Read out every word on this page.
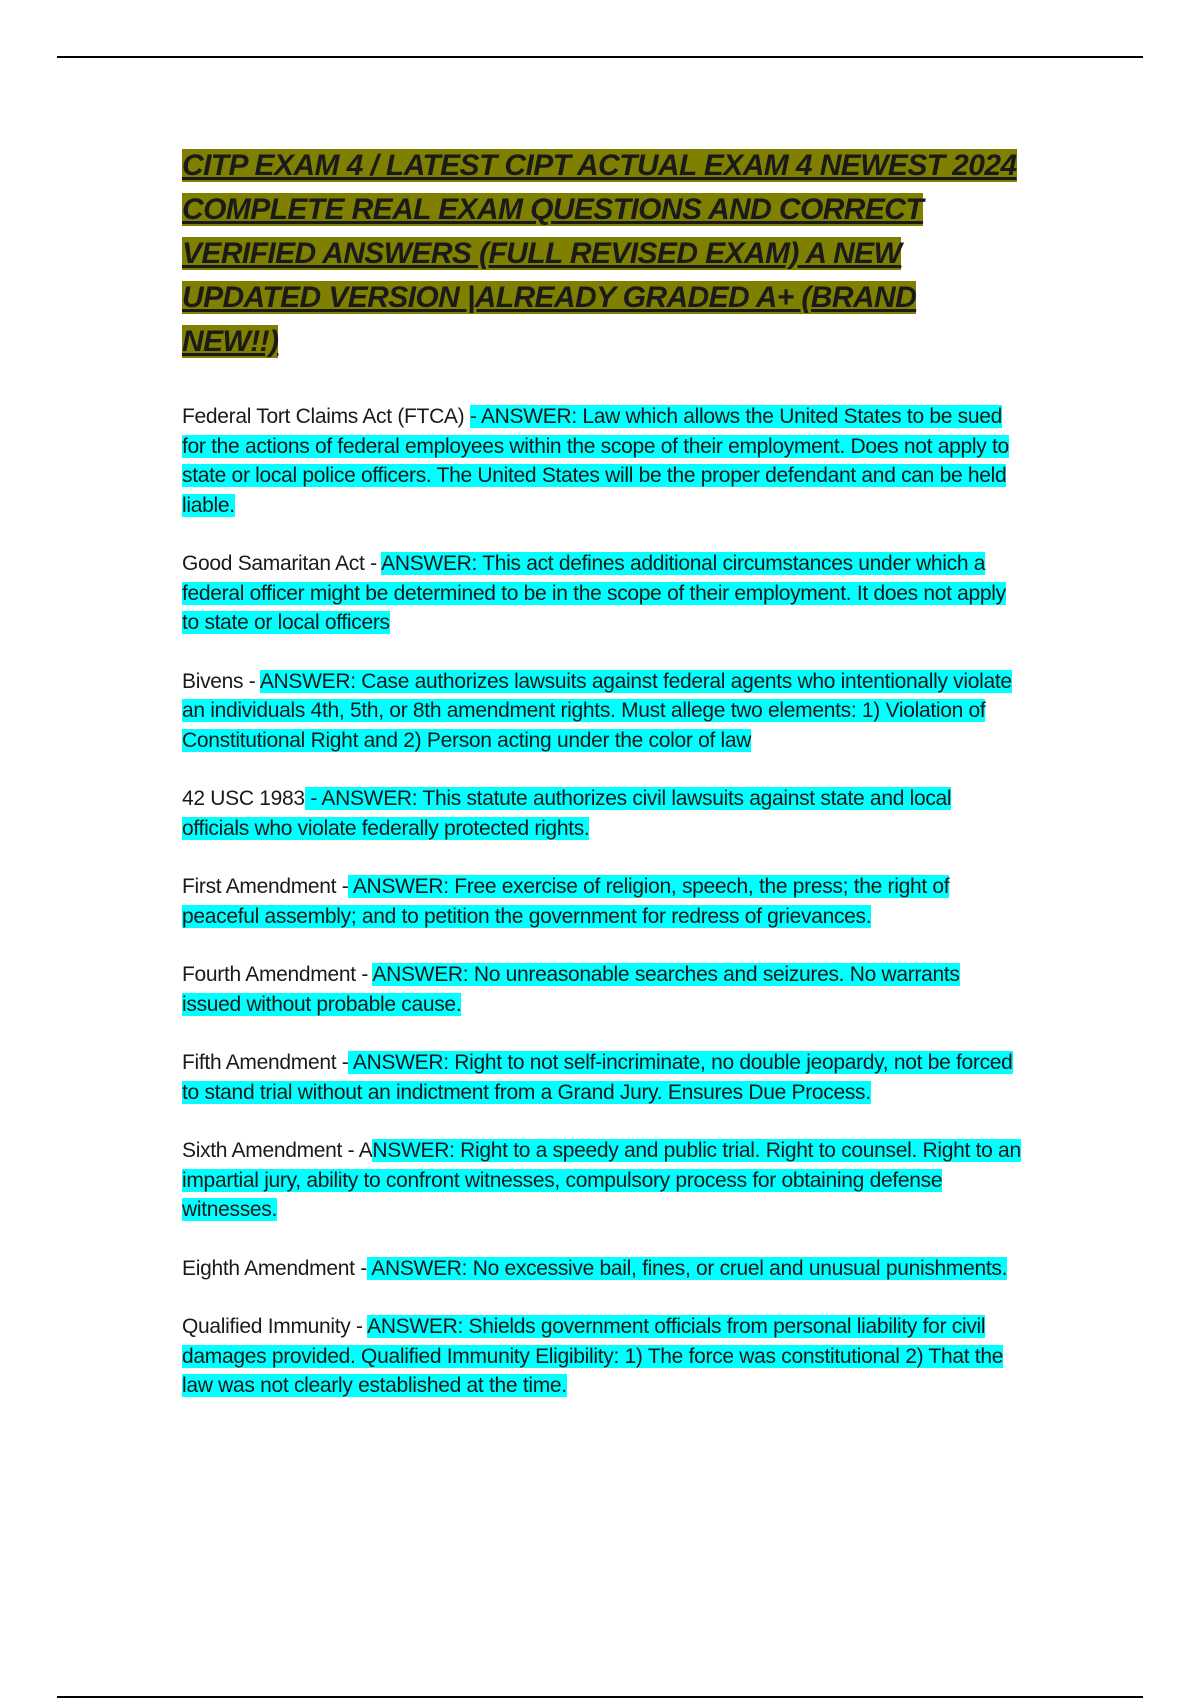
CITP EXAM 4 / LATEST CIPT ACTUAL EXAM 4 NEWEST 2024 COMPLETE REAL EXAM QUESTIONS AND CORRECT VERIFIED ANSWERS (FULL REVISED EXAM) A NEW UPDATED VERSION |ALREADY GRADED A+ (BRAND NEW!!)
Federal Tort Claims Act (FTCA) - ANSWER: Law which allows the United States to be sued for the actions of federal employees within the scope of their employment. Does not apply to state or local police officers. The United States will be the proper defendant and can be held liable.
Good Samaritan Act - ANSWER: This act defines additional circumstances under which a federal officer might be determined to be in the scope of their employment. It does not apply to state or local officers
Bivens - ANSWER: Case authorizes lawsuits against federal agents who intentionally violate an individuals 4th, 5th, or 8th amendment rights. Must allege two elements: 1) Violation of Constitutional Right and 2) Person acting under the color of law
42 USC 1983 - ANSWER: This statute authorizes civil lawsuits against state and local officials who violate federally protected rights.
First Amendment - ANSWER: Free exercise of religion, speech, the press; the right of peaceful assembly; and to petition the government for redress of grievances.
Fourth Amendment - ANSWER: No unreasonable searches and seizures. No warrants issued without probable cause.
Fifth Amendment - ANSWER: Right to not self-incriminate, no double jeopardy, not be forced to stand trial without an indictment from a Grand Jury. Ensures Due Process.
Sixth Amendment - ANSWER: Right to a speedy and public trial. Right to counsel. Right to an impartial jury, ability to confront witnesses, compulsory process for obtaining defense witnesses.
Eighth Amendment - ANSWER: No excessive bail, fines, or cruel and unusual punishments.
Qualified Immunity - ANSWER: Shields government officials from personal liability for civil damages provided. Qualified Immunity Eligibility: 1) The force was constitutional 2) That the law was not clearly established at the time.
